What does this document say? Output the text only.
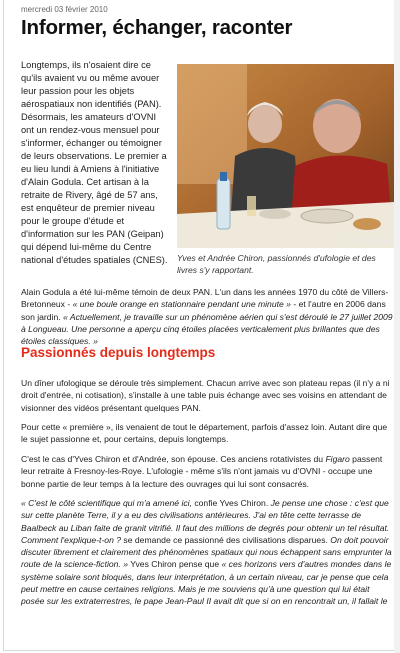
mercredi 03 février 2010
Informer, échanger, raconter

Longtemps, ils n'osaient dire ce qu'ils avaient vu ou même avouer leur passion pour les objets aérospatiaux non identifiés (PAN). Désormais, les amateurs d'OVNI ont un rendez-vous mensuel pour s'informer, échanger ou témoigner de leurs observations. Le premier a eu lieu lundi à Amiens à l'initiative d'Alain Godula. Cet artisan à la retraite de Rivery, âgé de 57 ans, est enquêteur de premier niveau pour le groupe d'étude et d'information sur les PAN (Geipan) qui dépend lui-même du Centre national d'études spatiales (CNES).

Marion picard

Yves et Andrée Chiron, passionnés d'ufologie et des livres s'y rapportant.

Alain Godula a été lui-même témoin de deux PAN. L'un dans les années 1970 du côté de Villers-Bretonneux - « une boule orange en stationnaire pendant une minute » - et l'autre en 2006 dans son jardin. « Actuellement, je travaille sur un phénomène aérien qui s'est déroulé le 27 juillet 2009 à Longueau. Une personne a aperçu cinq étoiles placées verticalement plus brillantes que des étoiles classiques. »

Passionnés depuis longtemps

Un dîner ufologique se déroule très simplement. Chacun arrive avec son plateau repas (il n'y a ni droit d'entrée, ni cotisation), s'installe à une table puis échange avec ses voisins en attendant de visionner des vidéos présentant quelques PAN.

Pour cette « première », ils venaient de tout le département, parfois d'assez loin. Autant dire que le sujet passionne et, pour certains, depuis longtemps.

C'est le cas d'Yves Chiron et d'Andrée, son épouse. Ces anciens rotativistes du Figaro passent leur retraite à Fresnoy-les-Roye. L'ufologie - même s'ils n'ont jamais vu d'OVNI - occupe une bonne partie de leur temps à la lecture des ouvrages qui lui sont consacrés.

« C'est le côté scientifique qui m'a amené ici, confie Yves Chiron. Je pense une chose : c'est que sur cette planète Terre, il y a eu des civilisations antérieures. J'ai en tête cette terrasse de Baalbeck au Liban faite de granit vitrifié. Il faut des millions de degrés pour obtenir un tel résultat. Comment l'explique-t-on ? se demande ce passionné des civilisations disparues. On doit pouvoir discuter librement et clairement des phénomènes spatiaux qui nous échappent sans emprunter la route de la science-fiction. » Yves Chiron pense que « ces horizons vers d'autres mondes dans le système solaire sont bloqués, dans leur interprétation, à un certain niveau, car je pense que cela peut mettre en cause certaines religions. Mais je me souviens qu'à une question qui lui était posée sur les extraterrestres, le pape Jean-Paul II avait dit que si on en rencontrait un, il fallait le
